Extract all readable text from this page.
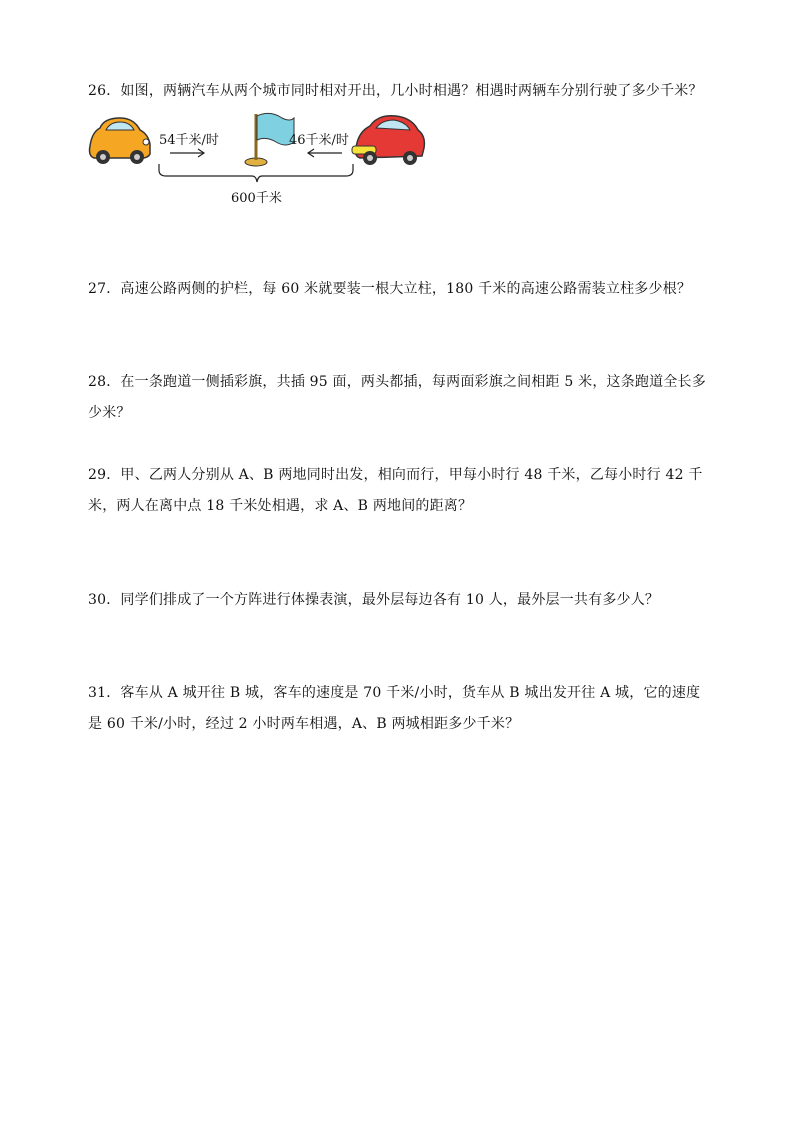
26．如图，两辆汽车从两个城市同时相对开出，几小时相遇？相遇时两辆车分别行驶了多少千米？
54千米/时	46千米/时
600千米
27．高速公路两侧的护栏，每 60 米就要装一根大立柱，180 千米的高速公路需装立柱多少根？
28．在一条跑道一侧插彩旗，共插 95 面，两头都插，每两面彩旗之间相距 5 米，这条跑道全长多少米？
29．甲、乙两人分别从 A、B 两地同时出发，相向而行，甲每小时行 48 千米，乙每小时行 42 千米，两人在离中点 18 千米处相遇，求 A、B 两地间的距离？
30．同学们排成了一个方阵进行体操表演，最外层每边各有 10 人，最外层一共有多少人？
31．客车从 A 城开往 B 城，客车的速度是 70 千米/小时，货车从 B 城出发开往 A 城，它的速度是 60 千米/小时，经过 2 小时两车相遇，A、B 两城相距多少千米？
